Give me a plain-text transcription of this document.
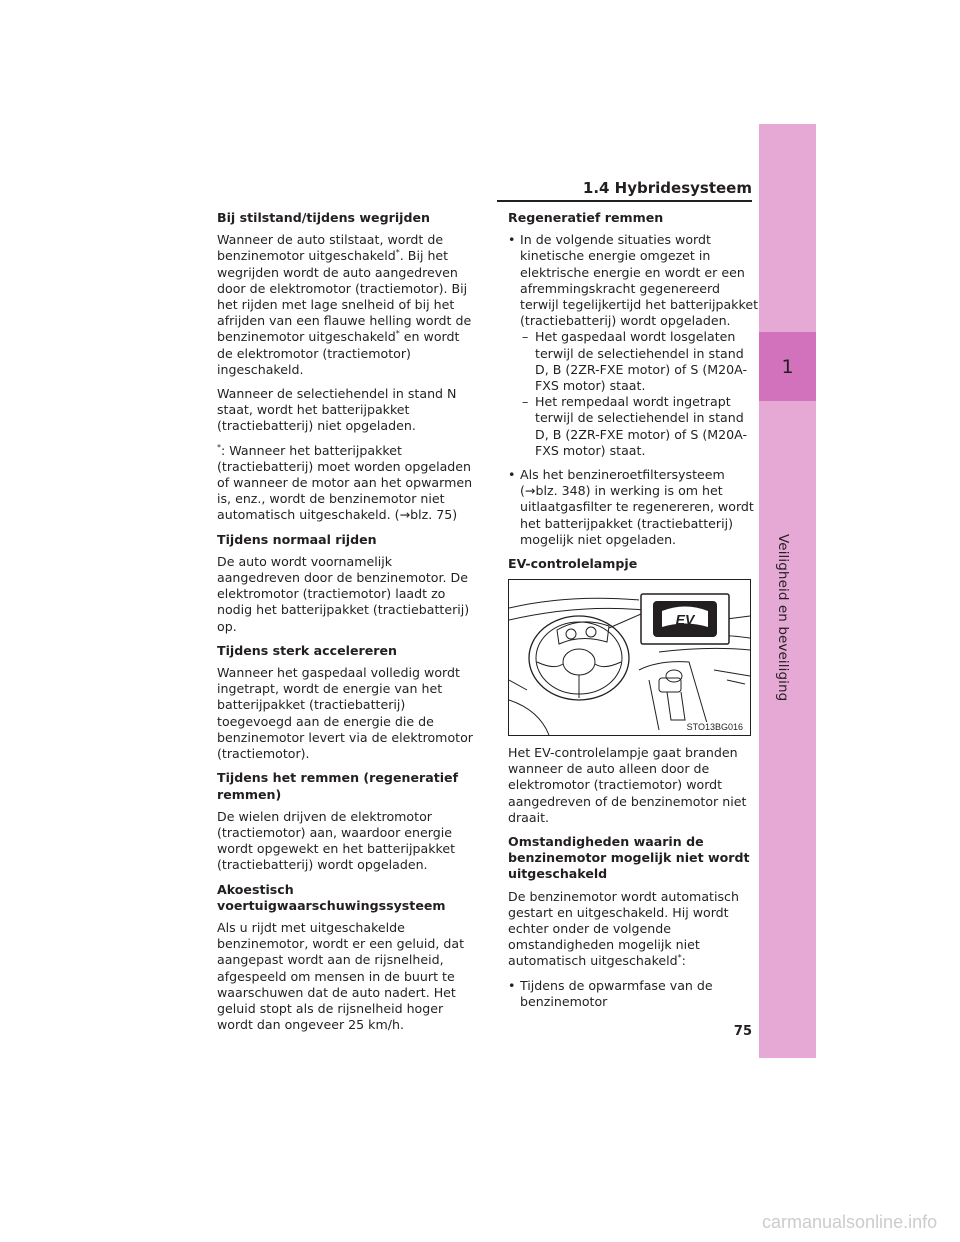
1
Veiligheid en beveiliging
1.4 Hybridesysteem
Bij stilstand/tijdens wegrijden

Wanneer de auto stilstaat, wordt de benzinemotor uitgeschakeld*. Bij het wegrijden wordt de auto aangedreven door de elektromotor (tractiemotor). Bij het rijden met lage snelheid of bij het afrijden van een flauwe helling wordt de benzinemotor uitgeschakeld* en wordt de elektromotor (tractiemotor) ingeschakeld.

Wanneer de selectiehendel in stand N staat, wordt het batterijpakket (tractiebatterij) niet opgeladen.

*: Wanneer het batterijpakket (tractiebatterij) moet worden opgeladen of wanneer de motor aan het opwarmen is, enz., wordt de benzinemotor niet automatisch uitgeschakeld. (→blz. 75)

Tijdens normaal rijden

De auto wordt voornamelijk aangedreven door de benzinemotor. De elektromotor (tractiemotor) laadt zo nodig het batterijpakket (tractiebatterij) op.

Tijdens sterk accelereren

Wanneer het gaspedaal volledig wordt ingetrapt, wordt de energie van het batterijpakket (tractiebatterij) toegevoegd aan de energie die de benzinemotor levert via de elektromotor (tractiemotor).

Tijdens het remmen (regeneratief remmen)

De wielen drijven de elektromotor (tractiemotor) aan, waardoor energie wordt opgewekt en het batterijpakket (tractiebatterij) wordt opgeladen.

Akoestisch voertuigwaarschuwingssysteem

Als u rijdt met uitgeschakelde benzinemotor, wordt er een geluid, dat aangepast wordt aan de rijsnelheid, afgespeeld om mensen in de buurt te waarschuwen dat de auto nadert. Het geluid stopt als de rijsnelheid hoger wordt dan ongeveer 25 km/h.

Regeneratief remmen
• In de volgende situaties wordt kinetische energie omgezet in elektrische energie en wordt er een afremmingskracht gegenereerd terwijl tegelijkertijd het batterijpakket (tractiebatterij) wordt opgeladen.
– Het gaspedaal wordt losgelaten terwijl de selectiehendel in stand D, B (2ZR-FXE motor) of S (M20A-FXS motor) staat.
– Het rempedaal wordt ingetrapt terwijl de selectiehendel in stand D, B (2ZR-FXE motor) of S (M20A-FXS motor) staat.
• Als het benzineroetfiltersysteem (→blz. 348) in werking is om het uitlaatgasfilter te regenereren, wordt het batterijpakket (tractiebatterij) mogelijk niet opgeladen.
EV-controlelampje
EV
STO13BG016

Het EV-controlelampje gaat branden wanneer de auto alleen door de elektromotor (tractiemotor) wordt aangedreven of de benzinemotor niet draait.

Omstandigheden waarin de benzinemotor mogelijk niet wordt uitgeschakeld

De benzinemotor wordt automatisch gestart en uitgeschakeld. Hij wordt echter onder de volgende omstandigheden mogelijk niet automatisch uitgeschakeld*:

• Tijdens de opwarmfase van de benzinemotor
75
carmanualsonline.info
